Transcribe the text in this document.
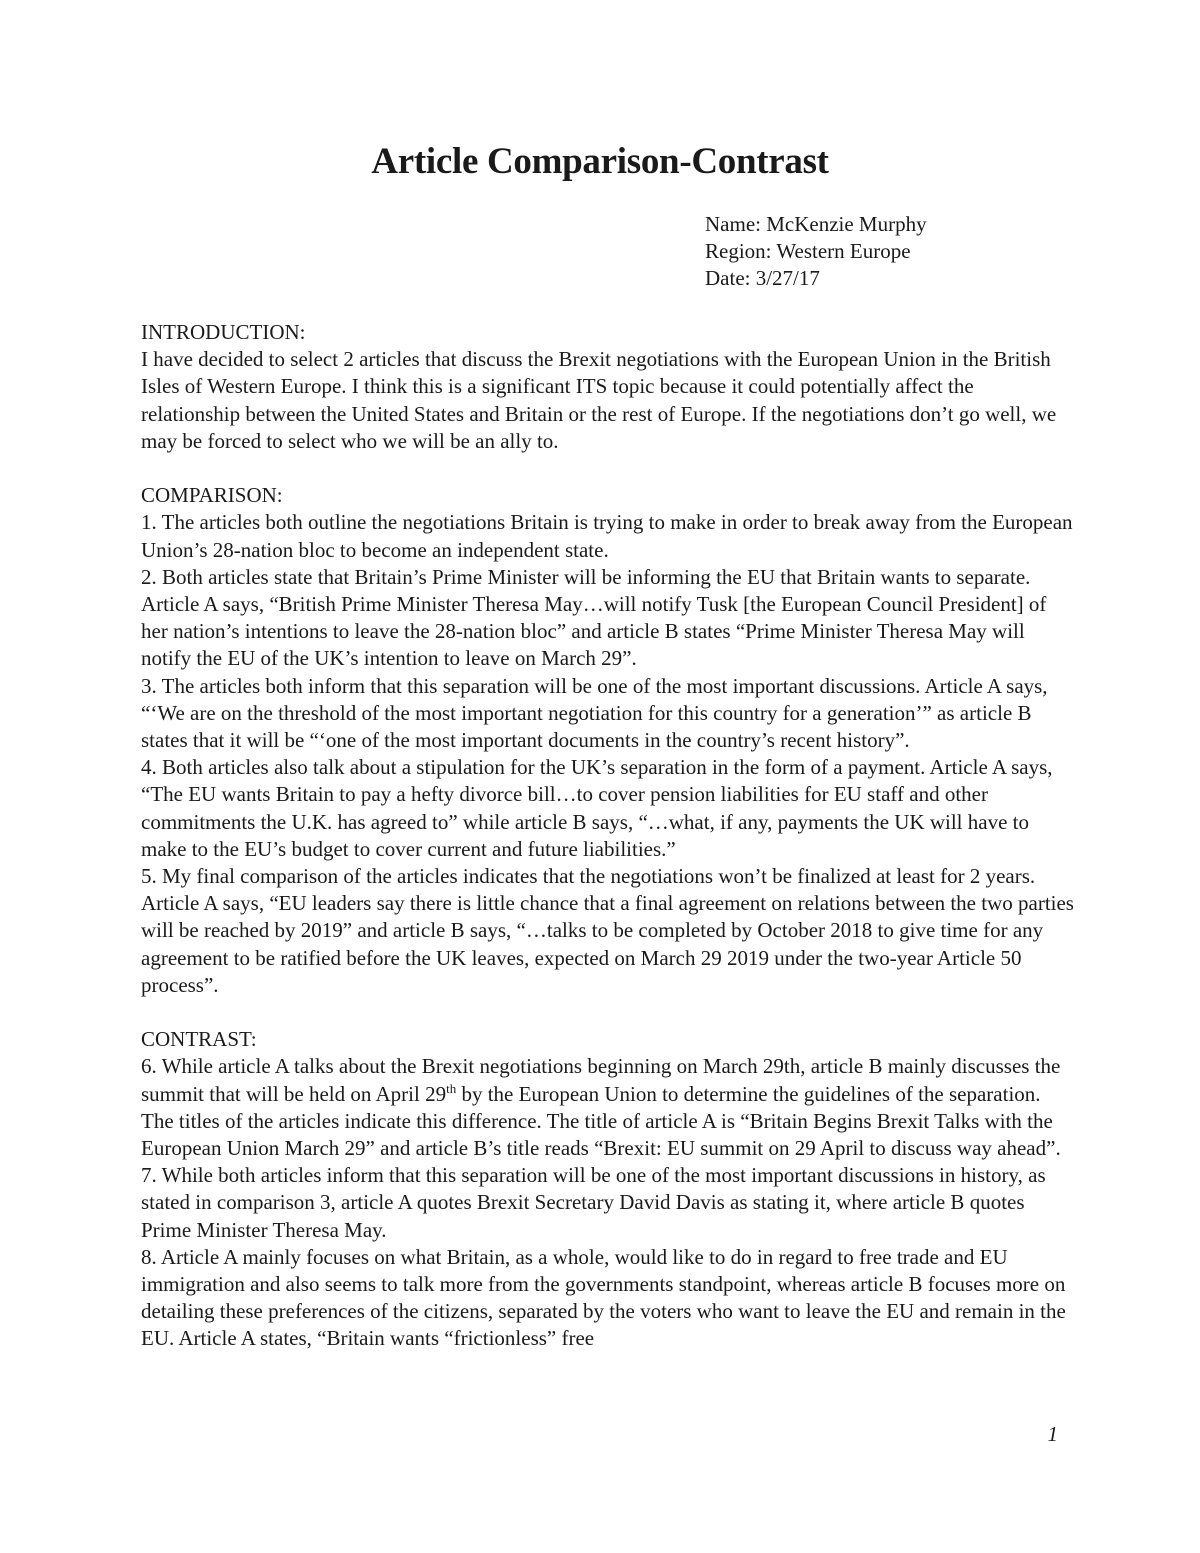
Article Comparison-Contrast
Name: McKenzie Murphy
Region: Western Europe
Date: 3/27/17

INTRODUCTION:

I have decided to select 2 articles that discuss the Brexit negotiations with the European Union in the British Isles of Western Europe. I think this is a significant ITS topic because it could potentially affect the relationship between the United States and Britain or the rest of Europe. If the negotiations don’t go well, we may be forced to select who we will be an ally to.

COMPARISON:

1. The articles both outline the negotiations Britain is trying to make in order to break away from the European Union’s 28-nation bloc to become an independent state.

2. Both articles state that Britain’s Prime Minister will be informing the EU that Britain wants to separate. Article A says, “British Prime Minister Theresa May…will notify Tusk [the European Council President] of her nation’s intentions to leave the 28-nation bloc” and article B states “Prime Minister Theresa May will notify the EU of the UK’s intention to leave on March 29”.

3. The articles both inform that this separation will be one of the most important discussions. Article A says, “‘We are on the threshold of the most important negotiation for this country for a generation’” as article B states that it will be “‘one of the most important documents in the country’s recent history”.

4. Both articles also talk about a stipulation for the UK’s separation in the form of a payment. Article A says, “The EU wants Britain to pay a hefty divorce bill…to cover pension liabilities for EU staff and other commitments the U.K. has agreed to” while article B says, “…what, if any, payments the UK will have to make to the EU’s budget to cover current and future liabilities.”

5. My final comparison of the articles indicates that the negotiations won’t be finalized at least for 2 years. Article A says, “EU leaders say there is little chance that a final agreement on relations between the two parties will be reached by 2019” and article B says, “…talks to be completed by October 2018 to give time for any agreement to be ratified before the UK leaves, expected on March 29 2019 under the two-year Article 50 process”.

CONTRAST:

6. While article A talks about the Brexit negotiations beginning on March 29th, article B mainly discusses the summit that will be held on April 29th by the European Union to determine the guidelines of the separation. The titles of the articles indicate this difference. The title of article A is “Britain Begins Brexit Talks with the European Union March 29” and article B’s title reads “Brexit: EU summit on 29 April to discuss way ahead”.

7. While both articles inform that this separation will be one of the most important discussions in history, as stated in comparison 3, article A quotes Brexit Secretary David Davis as stating it, where article B quotes Prime Minister Theresa May.

8. Article A mainly focuses on what Britain, as a whole, would like to do in regard to free trade and EU immigration and also seems to talk more from the governments standpoint, whereas article B focuses more on detailing these preferences of the citizens, separated by the voters who want to leave the EU and remain in the EU. Article A states, “Britain wants “frictionless” free

1
